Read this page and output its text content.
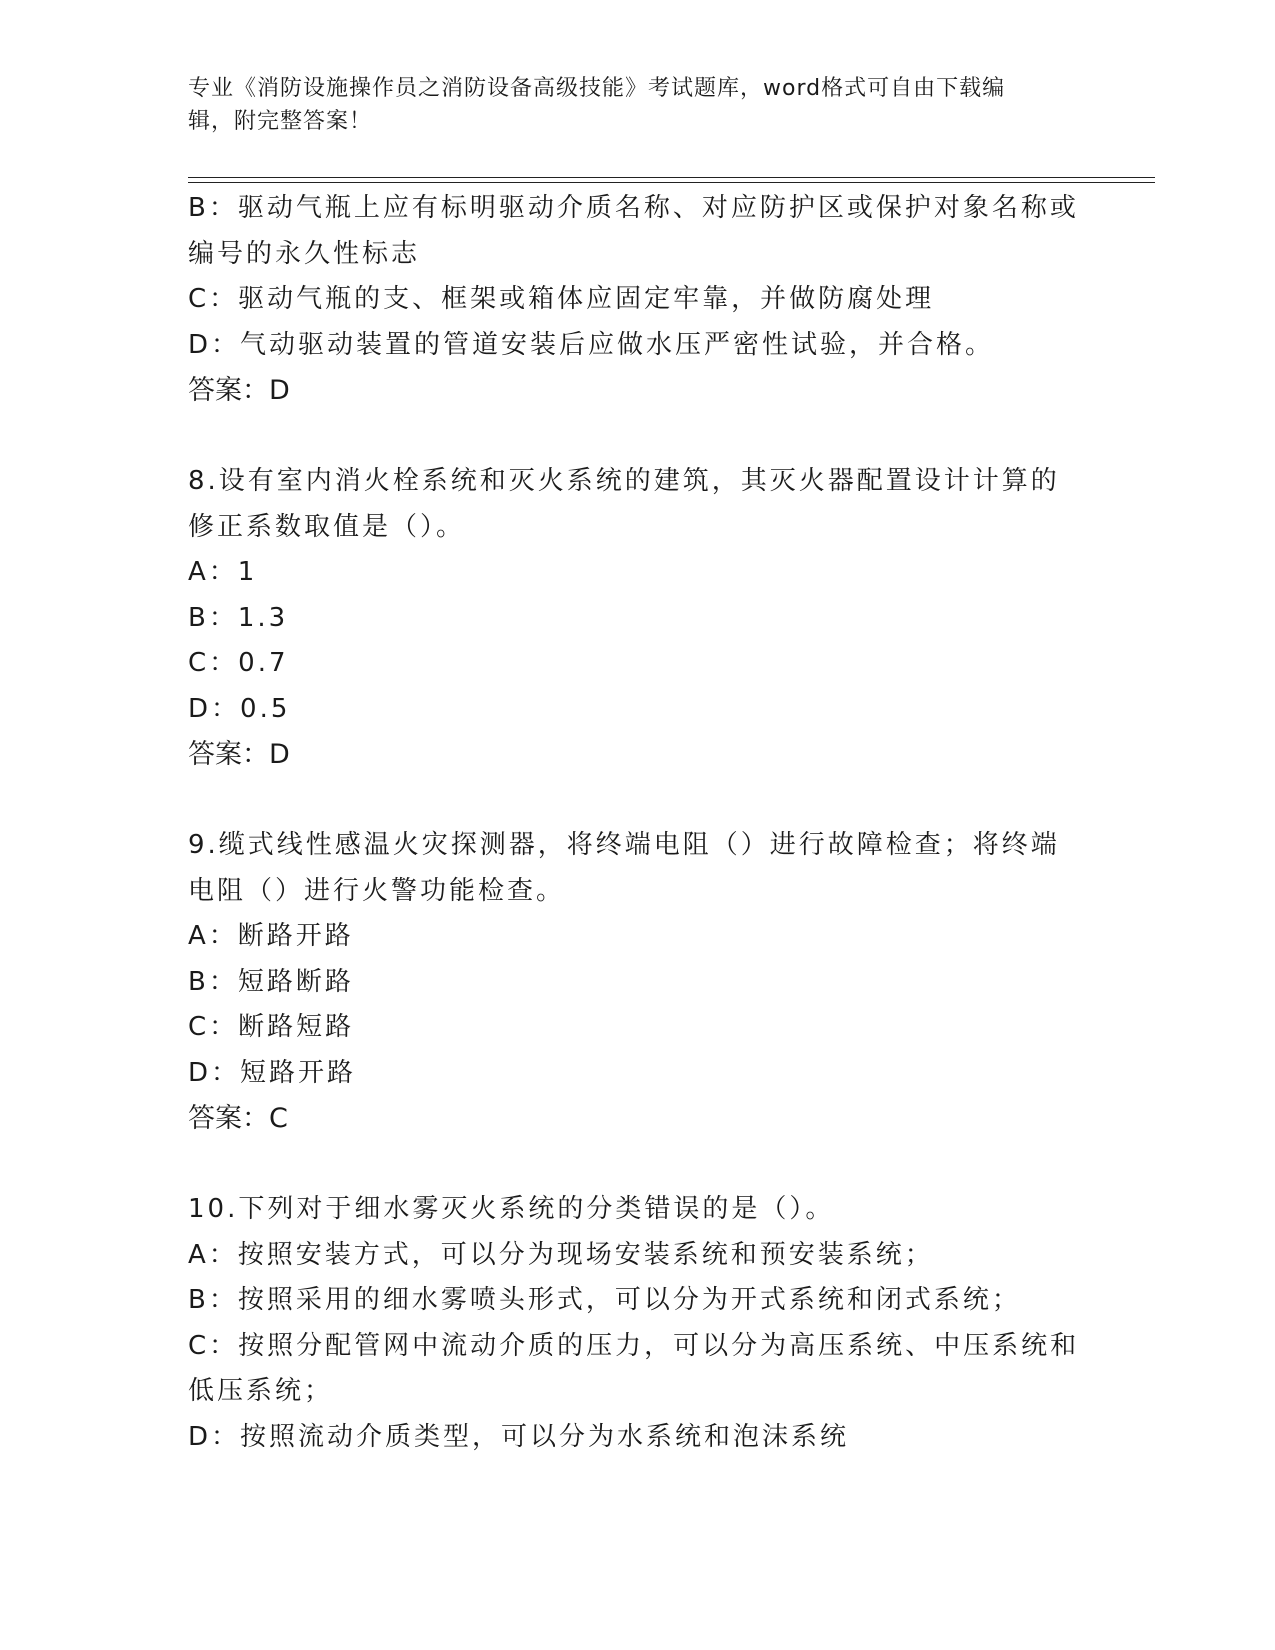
专业《消防设施操作员之消防设备高级技能》考试题库，word格式可自由下载编
辑，附完整答案！
B：驱动气瓶上应有标明驱动介质名称、对应防护区或保护对象名称或
编号的永久性标志
C：驱动气瓶的支、框架或箱体应固定牢靠，并做防腐处理
D：气动驱动装置的管道安装后应做水压严密性试验，并合格。
答案：D
8.设有室内消火栓系统和灭火系统的建筑，其灭火器配置设计计算的
修正系数取值是（）。
A：1
B：1.3
C：0.7
D：0.5
答案：D
9.缆式线性感温火灾探测器，将终端电阻（）进行故障检查；将终端
电阻（）进行火警功能检查。
A：断路开路
B：短路断路
C：断路短路
D：短路开路
答案：C
10.下列对于细水雾灭火系统的分类错误的是（）。
A：按照安装方式，可以分为现场安装系统和预安装系统；
B：按照采用的细水雾喷头形式，可以分为开式系统和闭式系统；
C：按照分配管网中流动介质的压力，可以分为高压系统、中压系统和
低压系统；
D：按照流动介质类型，可以分为水系统和泡沫系统
